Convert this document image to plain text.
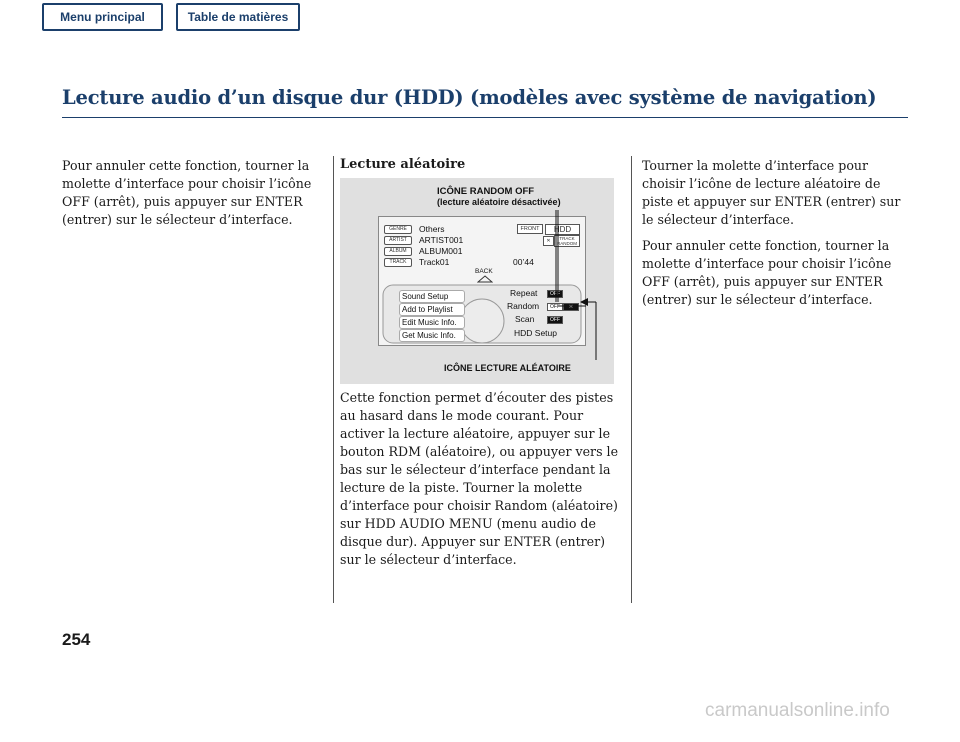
Menu principal	Table de matières
Lecture audio d’un disque dur (HDD) (modèles avec système de navigation)

Pour annuler cette fonction, tourner la molette d’interface pour choisir l’icône OFF (arrêt), puis appuyer sur ENTER (entrer) sur le sélecteur d’interface.

Lecture aléatoire
ICÔNE RANDOM OFF
(lecture aléatoire désactivée)
GENRE
ARTIST
ALBUM
TRACK
Others
ARTIST001
ALBUM001
Track01	00’44
FRONT	HDD
✕	TRACK
RANDOM
BACK
Sound Setup
Add to Playlist
Edit Music Info.
Get Music Info.
Repeat
Random
Scan
HDD Setup
OFF
OFF	✕
OFF
ICÔNE LECTURE ALÉATOIRE

Cette fonction permet d’écouter des pistes au hasard dans le mode courant. Pour activer la lecture aléatoire, appuyer sur le bouton RDM (aléatoire), ou appuyer vers le bas sur le sélecteur d’interface pendant la lecture de la piste. Tourner la molette d’interface pour choisir Random (aléatoire) sur HDD AUDIO MENU (menu audio de disque dur). Appuyer sur ENTER (entrer) sur le sélecteur d’interface.

Tourner la molette d’interface pour choisir l’icône de lecture aléatoire de piste et appuyer sur ENTER (entrer) sur le sélecteur d’interface.

Pour annuler cette fonction, tourner la molette d’interface pour choisir l’icône OFF (arrêt), puis appuyer sur ENTER (entrer) sur le sélecteur d’interface.

254
carmanualsonline.info
